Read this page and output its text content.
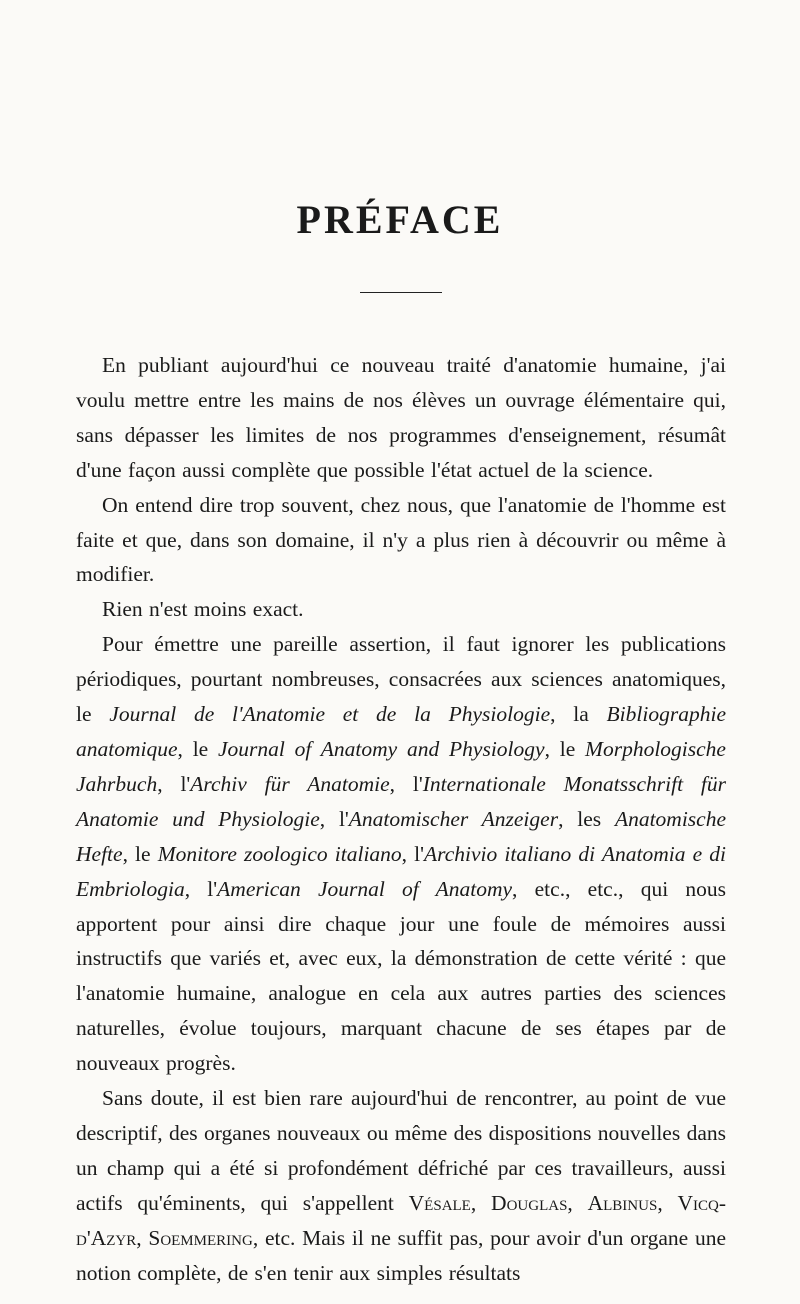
PRÉFACE

En publiant aujourd'hui ce nouveau traité d'anatomie humaine, j'ai voulu mettre entre les mains de nos élèves un ouvrage élémentaire qui, sans dépasser les limites de nos programmes d'enseignement, résumât d'une façon aussi complète que possible l'état actuel de la science.

On entend dire trop souvent, chez nous, que l'anatomie de l'homme est faite et que, dans son domaine, il n'y a plus rien à découvrir ou même à modifier.

Rien n'est moins exact.

Pour émettre une pareille assertion, il faut ignorer les publications périodiques, pourtant nombreuses, consacrées aux sciences anatomiques, le Journal de l'Anatomie et de la Physiologie, la Bibliographie anatomique, le Journal of Anatomy and Physiology, le Morphologische Jahrbuch, l'Archiv für Anatomie, l'Internationale Monatsschrift für Anatomie und Physiologie, l'Anatomischer Anzeiger, les Anatomische Hefte, le Monitore zoologico italiano, l'Archivio italiano di Anatomia e di Embriologia, l'American Journal of Anatomy, etc., etc., qui nous apportent pour ainsi dire chaque jour une foule de mémoires aussi instructifs que variés et, avec eux, la démonstration de cette vérité : que l'anatomie humaine, analogue en cela aux autres parties des sciences naturelles, évolue toujours, marquant chacune de ses étapes par de nouveaux progrès.

Sans doute, il est bien rare aujourd'hui de rencontrer, au point de vue descriptif, des organes nouveaux ou même des dispositions nouvelles dans un champ qui a été si profondément défriché par ces travailleurs, aussi actifs qu'éminents, qui s'appellent Vésale, Douglas, Albinus, Vicq-d'Azyr, Soemmering, etc. Mais il ne suffit pas, pour avoir d'un organe une notion complète, de s'en tenir aux simples résultats
